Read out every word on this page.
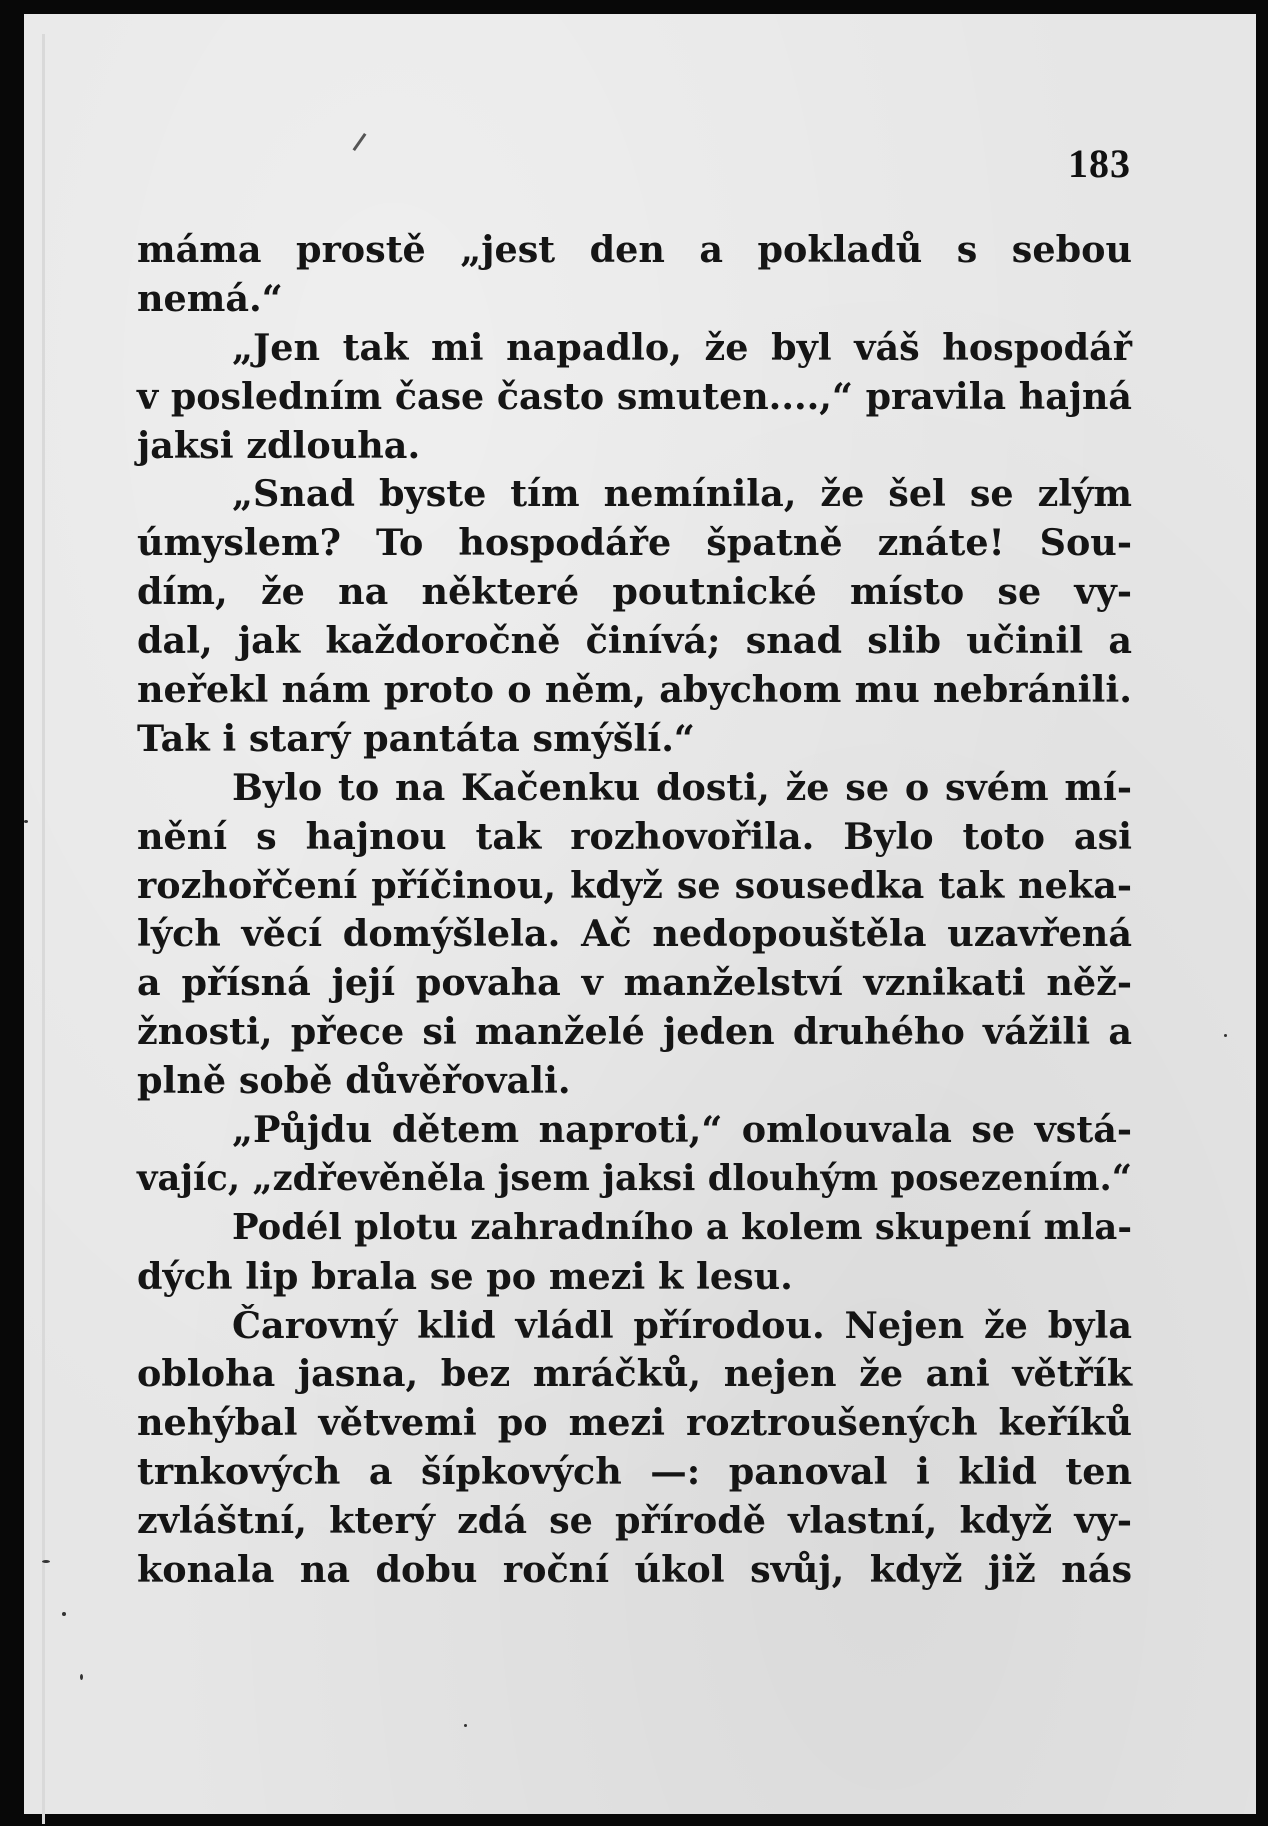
183
máma prostě „jest den a pokladů s sebou
nemá.“
„Jen tak mi napadlo, že byl váš hospodář
v posledním čase často smuten....,“ pravila hajná
jaksi zdlouha.
„Snad byste tím nemínila, že šel se zlým
úmyslem? To hospodáře špatně znáte! Sou-
dím, že na některé poutnické místo se vy-
dal, jak každoročně činívá; snad slib učinil a
neřekl nám proto o něm, abychom mu nebránili.
Tak i starý pantáta smýšlí.“
Bylo to na Kačenku dosti, že se o svém mí-
nění s hajnou tak rozhovořila. Bylo toto asi
rozhořčení příčinou, když se sousedka tak neka-
lých věcí domýšlela. Ač nedopouštěla uzavřená
a přísná její povaha v manželství vznikati něž-
žnosti, přece si manželé jeden druhého vážili a
plně sobě důvěřovali.
„Půjdu dětem naproti,“ omlouvala se vstá-
vajíc, „zdřevěněla jsem jaksi dlouhým posezením.“
Podél plotu zahradního a kolem skupení mla-
dých lip brala se po mezi k lesu.
Čarovný klid vládl přírodou. Nejen že byla
obloha jasna, bez mráčků, nejen že ani větřík
nehýbal větvemi po mezi roztroušených keříků
trnkových a šípkových —: panoval i klid ten
zvláštní, který zdá se přírodě vlastní, když vy-
konala na dobu roční úkol svůj, když již nás
